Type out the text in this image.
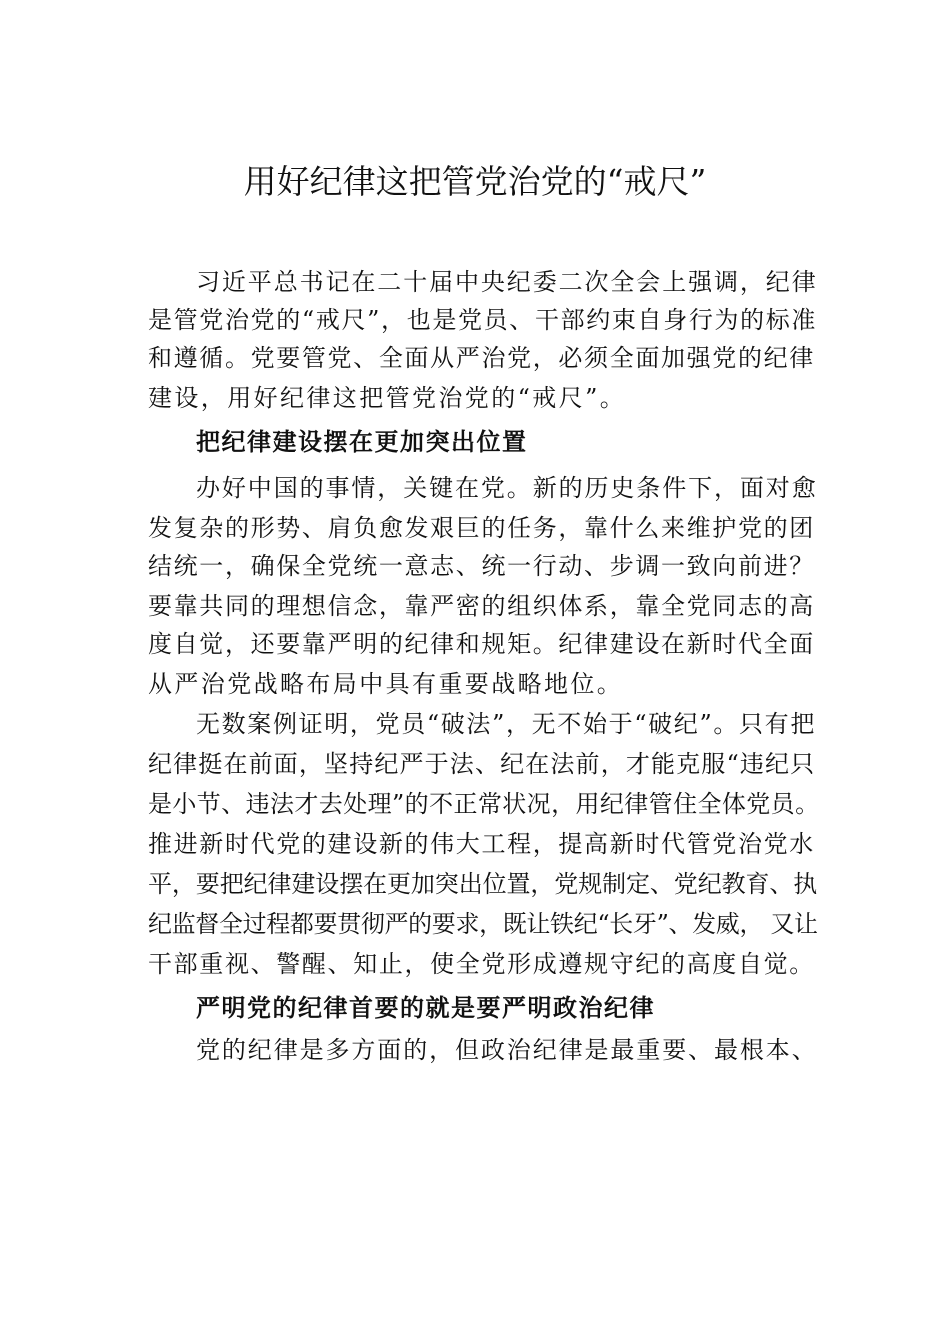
用好纪律这把管党治党的“戒尺”
习近平总书记在二十届中央纪委二次全会上强调，纪律
是管党治党的“戒尺”，也是党员、干部约束自身行为的标准
和遵循。党要管党、全面从严治党，必须全面加强党的纪律
建设，用好纪律这把管党治党的“戒尺”。
把纪律建设摆在更加突出位置
办好中国的事情，关键在党。新的历史条件下，面对愈
发复杂的形势、肩负愈发艰巨的任务，靠什么来维护党的团
结统一，确保全党统一意志、统一行动、步调一致向前进？
要靠共同的理想信念，靠严密的组织体系，靠全党同志的高
度自觉，还要靠严明的纪律和规矩。纪律建设在新时代全面
从严治党战略布局中具有重要战略地位。
无数案例证明，党员“破法”，无不始于“破纪”。只有把
纪律挺在前面，坚持纪严于法、纪在法前，才能克服“违纪只
是小节、违法才去处理”的不正常状况，用纪律管住全体党员。
推进新时代党的建设新的伟大工程，提高新时代管党治党水
平，要把纪律建设摆在更加突出位置，党规制定、党纪教育、执
纪监督全过程都要贯彻严的要求，既让铁纪“长牙”、发威， 又让
干部重视、警醒、知止，使全党形成遵规守纪的高度自觉。
严明党的纪律首要的就是要严明政治纪律
党的纪律是多方面的，但政治纪律是最重要、最根本、
